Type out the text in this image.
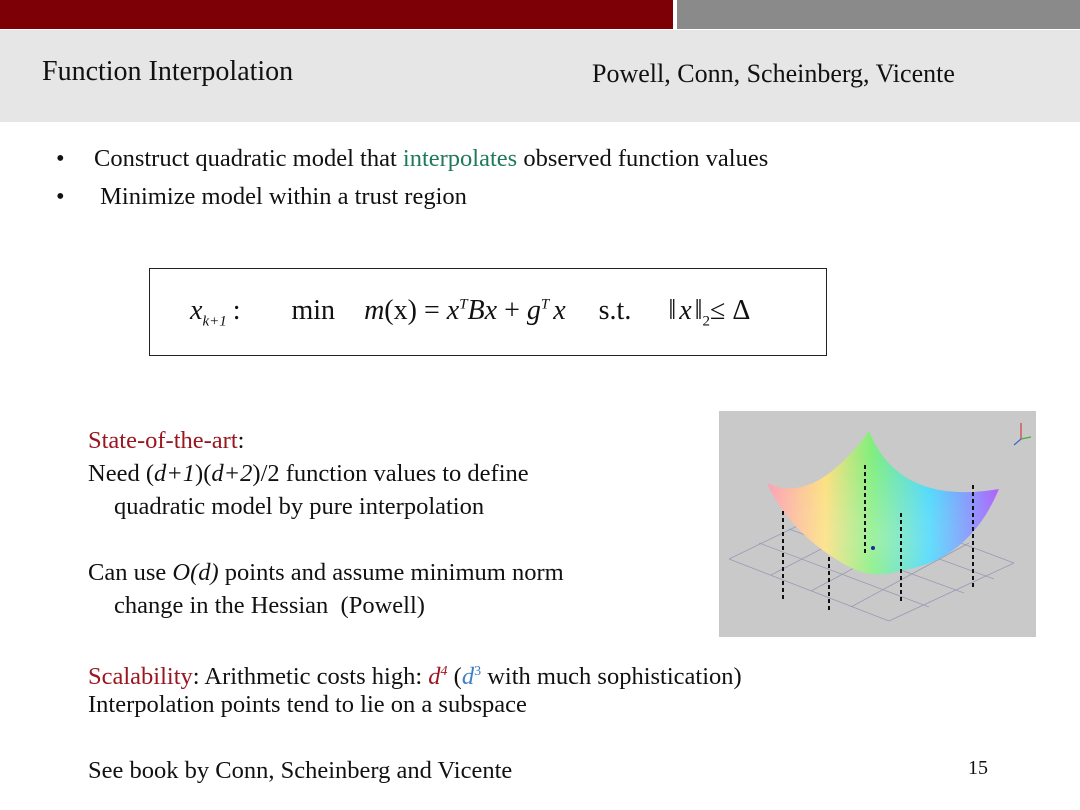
Function Interpolation	Powell, Conn, Scheinberg, Vicente
•	Construct quadratic model that interpolates observed function values
•	Minimize model within a trust region
$x_{k+1}$ : $\min m(x) = x^TBx + g^T$ x s.t. ‖ x $‖_2\le \Delta$
State-of-the-art:
Need (d+1)(d+2)/2 function values to define
quadratic model by pure interpolation
Can use O(d) points and assume minimum norm
change in the Hessian  (Powell)
Scalability: Arithmetic costs high: $d^4$ ($d^3$ with much sophistication)
Interpolation points tend to lie on a subspace
See book by Conn, Scheinberg and Vicente	15
